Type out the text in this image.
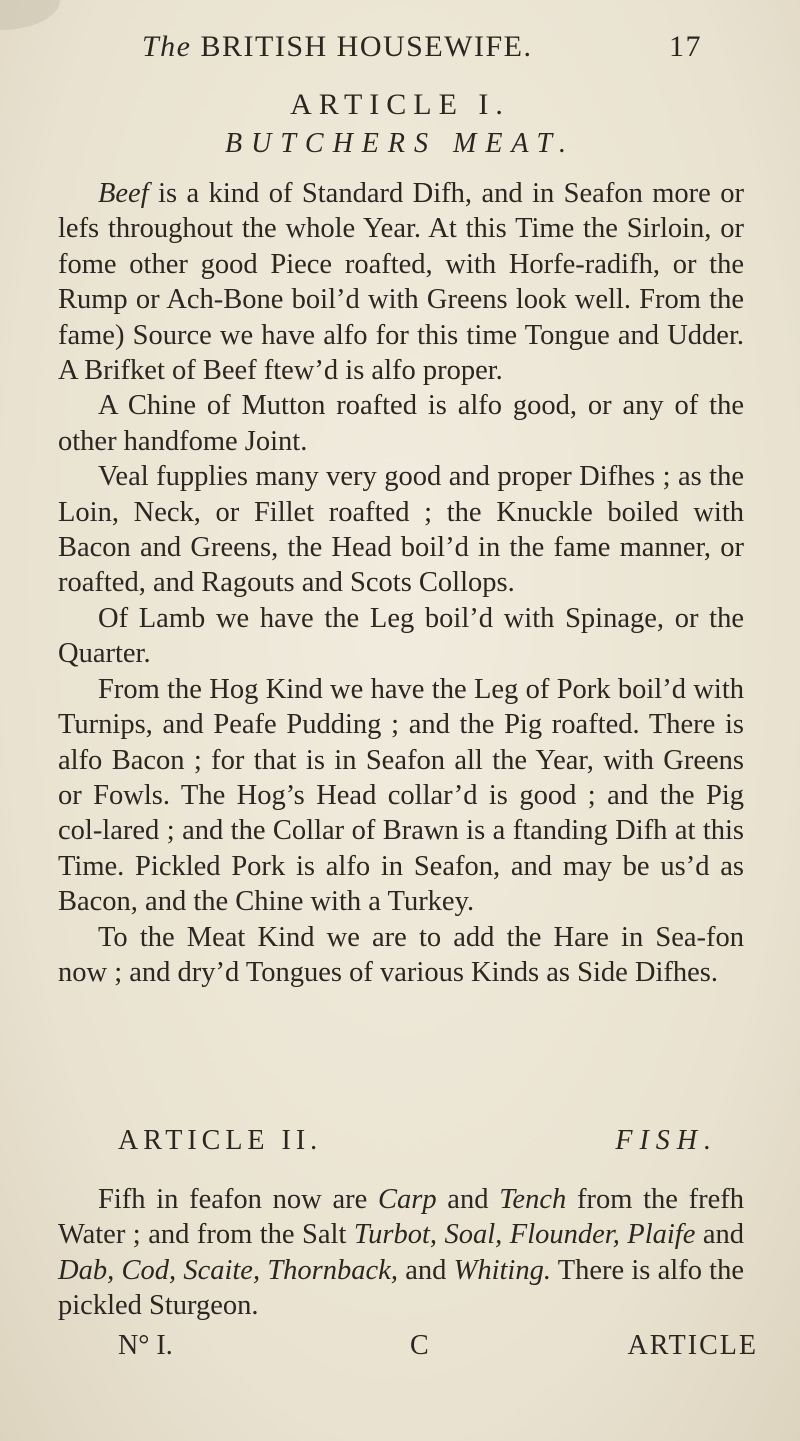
The BRITISH HOUSEWIFE.	17
ARTICLE I.
BUTCHERS MEAT.

Beef is a kind of Standard Difh, and in Seafon more or lefs throughout the whole Year. At this Time the Sirloin, or fome other good Piece roafted, with Horfe-radifh, or the Rump or Ach-Bone boil’d with Greens look well. From the fame) Source we have alfo for this time Tongue and Udder. A Brifket of Beef ftew’d is alfo proper.

A Chine of Mutton roafted is alfo good, or any of the other handfome Joint.

Veal fupplies many very good and proper Difhes ; as the Loin, Neck, or Fillet roafted ; the Knuckle boiled with Bacon and Greens, the Head boil’d in the fame manner, or roafted, and Ragouts and Scots Collops.

Of Lamb we have the Leg boil’d with Spinage, or the Quarter.

From the Hog Kind we have the Leg of Pork boil’d with Turnips, and Peafe Pudding ; and the Pig roafted. There is alfo Bacon ; for that is in Seafon all the Year, with Greens or Fowls. The Hog’s Head collar’d is good ; and the Pig col-lared ; and the Collar of Brawn is a ftanding Difh at this Time. Pickled Pork is alfo in Seafon, and may be us’d as Bacon, and the Chine with a Turkey.

To the Meat Kind we are to add the Hare in Sea-fon now ; and dry’d Tongues of various Kinds as Side Difhes.

ARTICLE II.	FISH.

Fifh in feafon now are Carp and Tench from the frefh Water ; and from the Salt Turbot, Soal, Flounder, Plaife and Dab, Cod, Scaite, Thornback, and Whiting. There is alfo the pickled Sturgeon.

N° I.	C	ARTICLE
